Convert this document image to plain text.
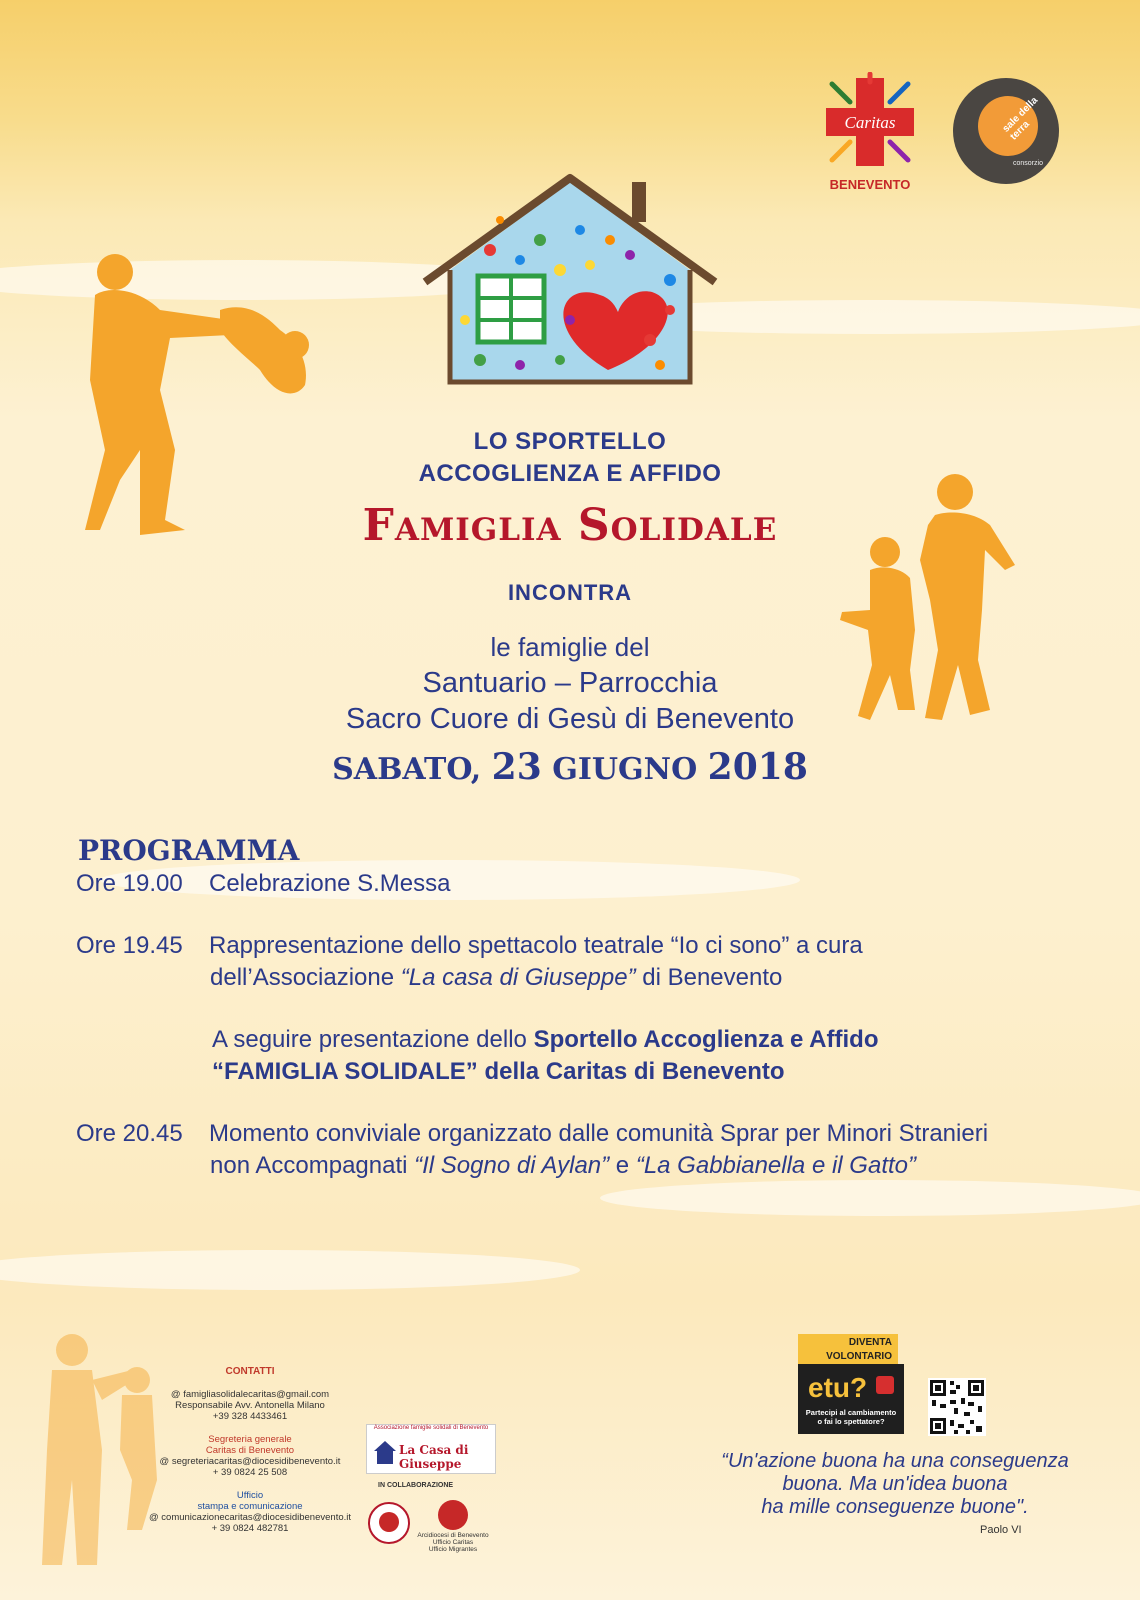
Caritas
BENEVENTO
sale della terra
consorzio
LO SPORTELLO
ACCOGLIENZA E AFFIDO
Famiglia Solidale
INCONTRA
le famiglie del
Santuario – Parrocchia
Sacro Cuore di Gesù di Benevento
SABATO, 23 GIUGNO 2018
PROGRAMMA
Ore 19.00 Celebrazione S.Messa
Ore 19.45 Rappresentazione dello spettacolo teatrale “Io ci sono” a cura
dell’Associazione “La casa di Giuseppe” di Benevento
A seguire presentazione dello Sportello Accoglienza e Affido
“FAMIGLIA SOLIDALE” della Caritas di Benevento
Ore 20.45 Momento conviviale organizzato dalle comunità Sprar per Minori Stranieri
non Accompagnati “Il Sogno di Aylan” e “La Gabbianella e il Gatto”
CONTATTI
@ famigliasolidalecaritas@gmail.com
Responsabile Avv. Antonella Milano
+39 328 4433461
Segreteria generale
Caritas di Benevento
@ segreteriacaritas@diocesidibenevento.it
+ 39 0824 25 508
Ufficio
stampa e comunicazione
@ comunicazionecaritas@diocesidibenevento.it
+ 39 0824 482781
Associazione famiglie solidali di Benevento
La Casa di Giuseppe
IN COLLABORAZIONE
Arcidiocesi di Benevento
Ufficio Caritas
Ufficio Migrantes
DIVENTA
VOLONTARIO
etu?
Partecipi al cambiamento
o fai lo spettatore?
“Un'azione buona ha una conseguenza
buona. Ma un'idea buona
ha mille conseguenze buone".
Paolo VI
